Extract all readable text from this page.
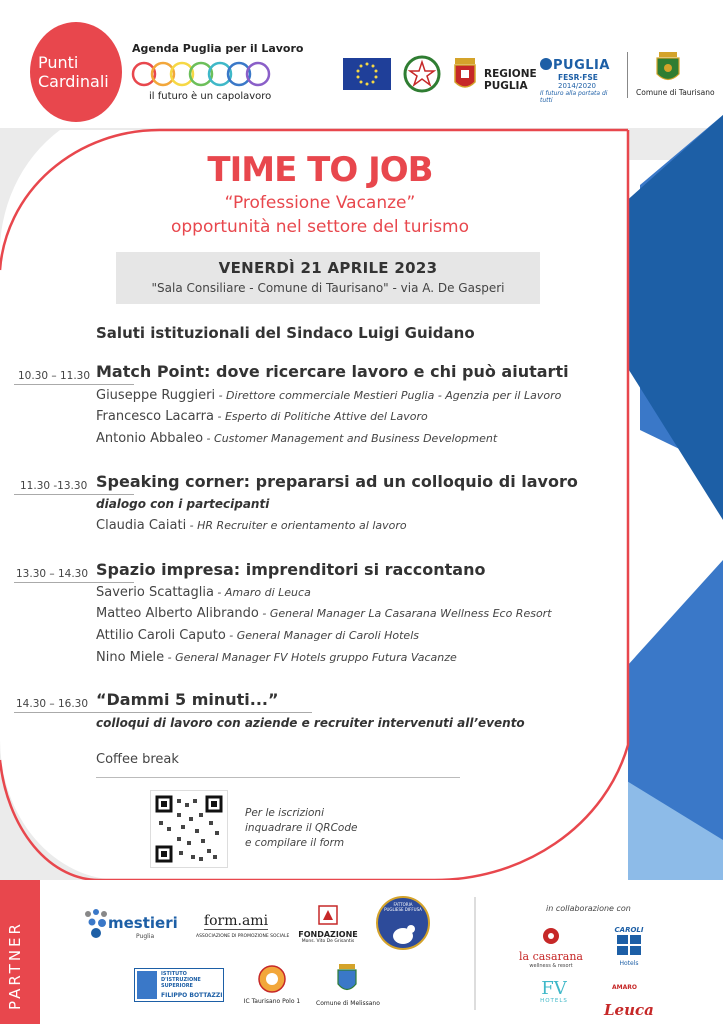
Punti
Cardinali
Agenda Puglia per il Lavoro
il futuro è un capolavoro
REGIONE
PUGLIA
PUGLIA
FESR·FSE
2014/2020
Il futuro alla portata di tutti
Comune di Taurisano
TIME TO JOB
“Professione Vacanze”
opportunità nel settore del turismo
VENERDÌ 21 APRILE 2023
"Sala Consiliare - Comune di Taurisano" - via A. De Gasperi
Saluti istituzionali del Sindaco Luigi Guidano
10.30 – 11.30 Match Point: dove ricercare lavoro e chi può aiutarti
Giuseppe Ruggieri - Direttore commerciale Mestieri Puglia - Agenzia per il Lavoro
Francesco Lacarra - Esperto di Politiche Attive del Lavoro
Antonio Abbaleo - Customer Management and Business Development
11.30 -13.30 Speaking corner: prepararsi ad un colloquio di lavoro
dialogo con i partecipanti
Claudia Caiati - HR Recruiter e orientamento al lavoro
13.30 – 14.30 Spazio impresa: imprenditori si raccontano
Saverio Scattaglia - Amaro di Leuca
Matteo Alberto Alibrando - General Manager La Casarana Wellness Eco Resort
Attilio Caroli Caputo - General Manager di Caroli Hotels
Nino Miele - General Manager FV Hotels gruppo Futura Vacanze
14.30 – 16.30 “Dammi 5 minuti...”
colloqui di lavoro con aziende e recruiter intervenuti all’evento
Coffee break
Per le iscrizioni
inquadrare il QRCode
e compilare il form
PARTNER	mestieri
Puglia
form.ami
ASSOCIAZIONE DI PROMOZIONE SOCIALE FONDAZIONE
Mons. Vito De Grisantis
FATTORIA PUGLIESE DIFFUSA
ISTITUTO
D'ISTRUZIONE
SUPERIORE
FILIPPO BOTTAZZI
IC Taurisano Polo 1	Comune di Melissano
in collaborazione con
la casarana
wellness & resort
CAROLI
Hotels
FV
HOTELS
$^{AMARO}$
Leuca
